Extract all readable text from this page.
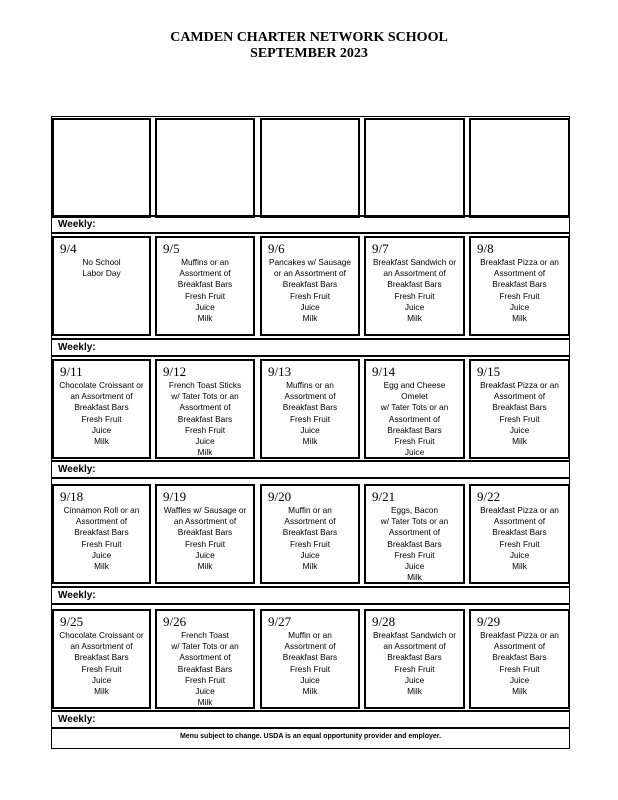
CAMDEN CHARTER NETWORK SCHOOL
SEPTEMBER 2023
Weekly:
9/4
No School
Labor Day
9/5
Muffins or an
Assortment of
Breakfast Bars
Fresh Fruit
Juice
Milk
9/6
Pancakes w/ Sausage
or an Assortment of
Breakfast Bars
Fresh Fruit
Juice
Milk
9/7
Breakfast Sandwich or
an Assortment of
Breakfast Bars
Fresh Fruit
Juice
Milk
9/8
Breakfast Pizza or an
Assortment of
Breakfast Bars
Fresh Fruit
Juice
Milk
Weekly:
9/11
Chocolate Croissant or
an Assortment of
Breakfast Bars
Fresh Fruit
Juice
Milk
9/12
French Toast Sticks
w/ Tater Tots or an
Assortment of
Breakfast Bars
Fresh Fruit
Juice
Milk
9/13
Muffins or an
Assortment of
Breakfast Bars
Fresh Fruit
Juice
Milk
9/14
Egg and Cheese
Omelet
w/ Tater Tots or an
Assortment of
Breakfast Bars
Fresh Fruit
Juice
9/15
Breakfast Pizza or an
Assortment of
Breakfast Bars
Fresh Fruit
Juice
Milk
Weekly:
9/18
Cinnamon Roll or an
Assortment of
Breakfast Bars
Fresh Fruit
Juice
Milk
9/19
Waffles w/ Sausage or
an Assortment of
Breakfast Bars
Fresh Fruit
Juice
Milk
9/20
Muffin or an
Assortment of
Breakfast Bars
Fresh Fruit
Juice
Milk
9/21
Eggs, Bacon
w/ Tater Tots or an
Assortment of
Breakfast Bars
Fresh Fruit
Juice
Milk
9/22
Breakfast Pizza or an
Assortment of
Breakfast Bars
Fresh Fruit
Juice
Milk
Weekly:
9/25
Chocolate Croissant or
an Assortment of
Breakfast Bars
Fresh Fruit
Juice
Milk
9/26
French Toast
w/ Tater Tots or an
Assortment of
Breakfast Bars
Fresh Fruit
Juice
Milk
9/27
Muffin or an
Assortment of
Breakfast Bars
Fresh Fruit
Juice
Milk
9/28
Breakfast Sandwich or
an Assortment of
Breakfast Bars
Fresh Fruit
Juice
Milk
9/29
Breakfast Pizza or an
Assortment of
Breakfast Bars
Fresh Fruit
Juice
Milk
Weekly:
Menu subject to change. USDA is an equal opportunity provider and employer.
